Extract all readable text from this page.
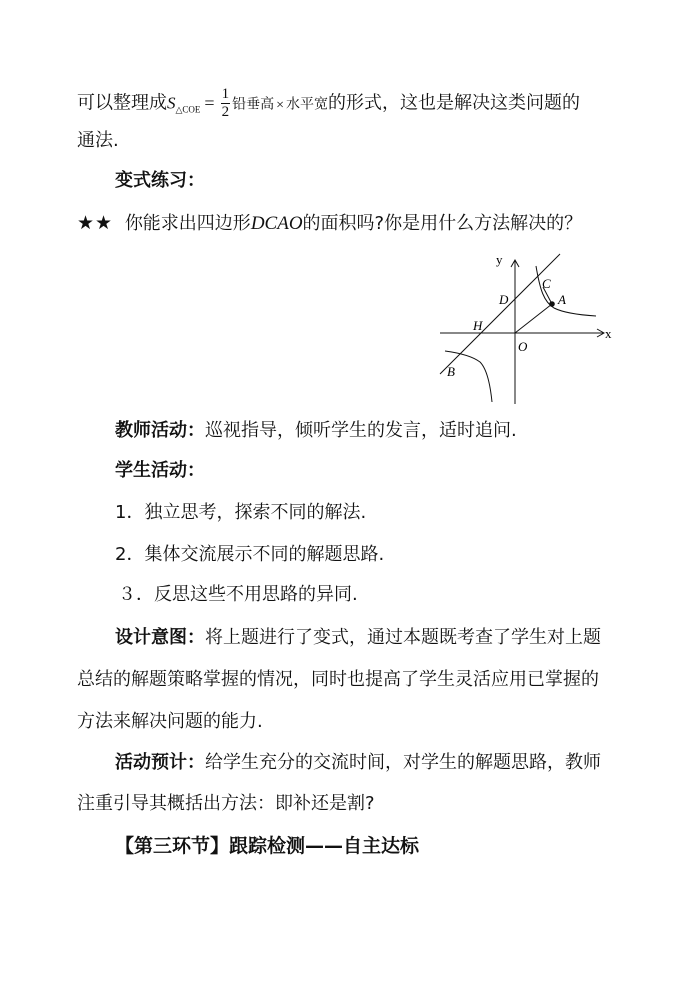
可以整理成$S_{\triangle COE} = \frac{1}{2}$ 铅垂高 × 水平宽的形式，这也是解决这类问题的
通法.
变式练习：
★★ 你能求出四边形DCAO的面积吗?你是用什么方法解决的？
y
x
C
D	A
H
O
B
教师活动：巡视指导，倾听学生的发言，适时追问.
学生活动：
1．独立思考，探索不同的解法.
2．集体交流展示不同的解题思路.
３．反思这些不用思路的异同.
设计意图：将上题进行了变式，通过本题既考查了学生对上题
总结的解题策略掌握的情况，同时也提高了学生灵活应用已掌握的
方法来解决问题的能力.
活动预计：给学生充分的交流时间，对学生的解题思路，教师
注重引导其概括出方法：即补还是割?
【第三环节】跟踪检测——自主达标
